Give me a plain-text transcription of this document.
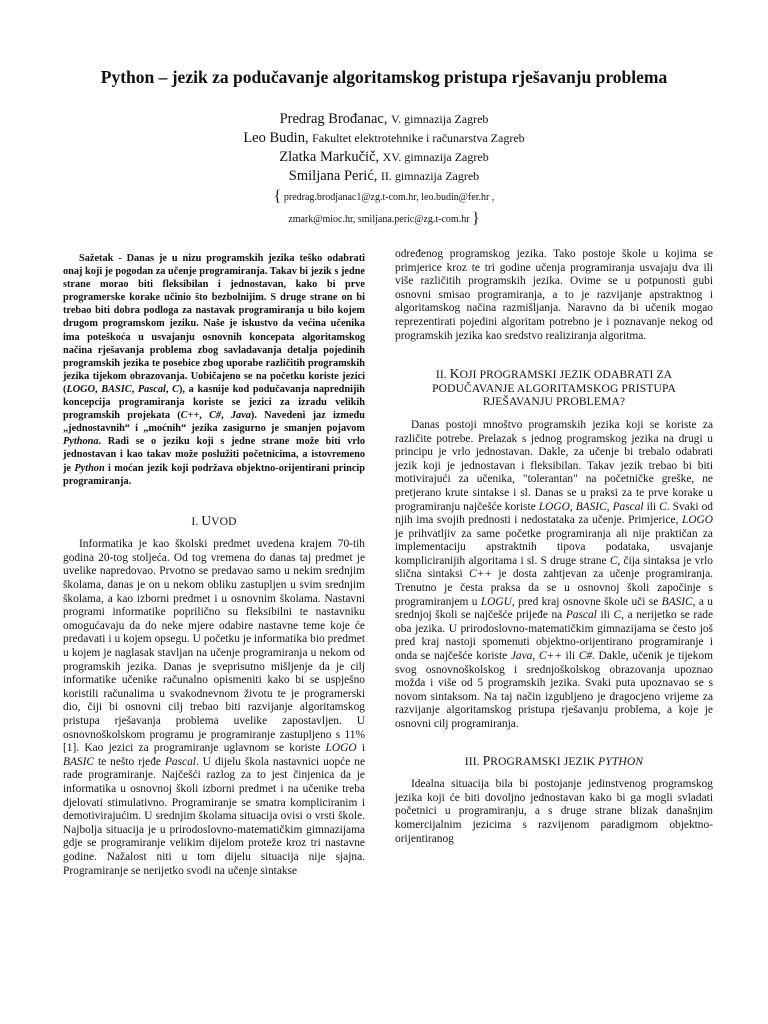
Python – jezik za podučavanje algoritamskog pristupa rješavanju problema
Predrag Brođanac, V. gimnazija Zagreb
Leo Budin, Fakultet elektrotehnike i računarstva Zagreb
Zlatka Markučič, XV. gimnazija Zagreb
Smiljana Perić, II. gimnazija Zagreb
{ predrag.brodjanac1@zg.t-com.hr, leo.budin@fer.hr ,
zmark@mioc.hr, smiljana.peric@zg.t-com.hr }

Sažetak - Danas je u nizu programskih jezika teško odabrati onaj koji je pogodan za učenje programiranja. Takav bi jezik s jedne strane morao biti fleksibilan i jednostavan, kako bi prve programerske korake učinio što bezbolnijim. S druge strane on bi trebao biti dobra podloga za nastavak programiranja u bilo kojem drugom programskom jeziku. Naše je iskustvo da većina učenika ima poteškoća u usvajanju osnovnih koncepata algoritamskog načina rješavanja problema zbog savladavanja detalja pojedinih programskih jezika te posebice zbog uporabe različitih programskih jezika tijekom obrazovanja. Uobičajeno se na početku koriste jezici (LOGO, BASIC, Pascal, C), a kasnije kod podučavanja naprednijih koncepcija programiranja koriste se jezici za izradu velikih programskih projekata (C++, C#, Java). Navedeni jaz između „jednostavnih“ i „moćnih“ jezika zasigurno je smanjen pojavom Pythona. Radi se o jeziku koji s jedne strane može biti vrlo jednostavan i kao takav može poslužiti početnicima, a istovremeno je Python i moćan jezik koji podržava objektno-orijentirani princip programiranja.

I. UVOD

Informatika je kao školski predmet uvedena krajem 70-tih godina 20-tog stoljeća. Od tog vremena do danas taj predmet je uvelike napredovao. Prvotno se predavao samo u nekim srednjim školama, danas je on u nekom obliku zastupljen u svim srednjim školama, a kao izborni predmet i u osnovnim školama. Nastavni programi informatike poprilično su fleksibilni te nastavniku omogućavaju da do neke mjere odabire nastavne teme koje će predavati i u kojem opsegu. U početku je informatika bio predmet u kojem je naglasak stavljan na učenje programiranja u nekom od programskih jezika. Danas je sveprisutno mišljenje da je cilj informatike učenike računalno opismeniti kako bi se uspješno koristili računalima u svakodnevnom životu te je programerski dio, čiji bi osnovni cilj trebao biti razvijanje algoritamskog pristupa rješavanja problema uvelike zapostavljen. U osnovnoškolskom programu je programiranje zastupljeno s 11% [1]. Kao jezici za programiranje uglavnom se koriste LOGO i BASIC te nešto rjeđe Pascal. U dijelu škola nastavnici uopće ne rade programiranje. Najčešći razlog za to jest činjenica da je informatika u osnovnoj školi izborni predmet i na učenike treba djelovati stimulativno. Programiranje se smatra kompliciranim i demotivirajućim. U srednjim školama situacija ovisi o vrsti škole. Najbolja situacija je u prirodoslovno-matematičkim gimnazijama gdje se programiranje velikim dijelom proteže kroz tri nastavne godine. Nažalost niti u tom dijelu situacija nije sjajna. Programiranje se nerijetko svodi na učenje sintakse

određenog programskog jezika. Tako postoje škole u kojima se primjerice kroz te tri godine učenja programiranja usvajaju dva ili više različitih programskih jezika. Ovime se u potpunosti gubi osnovni smisao programiranja, a to je razvijanje apstraktnog i algoritamskog načina razmišljanja. Naravno da bi učenik mogao reprezentirati pojedini algoritam potrebno je i poznavanje nekog od programskih jezika kao sredstvo realiziranja algoritma.

II. KOJI PROGRAMSKI JEZIK ODABRATI ZA
PODUČAVANJE ALGORITAMSKOG PRISTUPA
RJEŠAVANJU PROBLEMA?

Danas postoji mnoštvo programskih jezika koji se koriste za različite potrebe. Prelazak s jednog programskog jezika na drugi u principu je vrlo jednostavan. Dakle, za učenje bi trebalo odabrati jezik koji je jednostavan i fleksibilan. Takav jezik trebao bi biti motivirajući za učenika, "tolerantan" na početničke greške, ne pretjerano krute sintakse i sl. Danas se u praksi za te prve korake u programiranju najčešće koriste LOGO, BASIC, Pascal ili C. Svaki od njih ima svojih prednosti i nedostataka za učenje. Primjerice, LOGO je prihvatljiv za same početke programiranja ali nije praktičan za implementaciju apstraktnih tipova podataka, usvajanje kompliciranijih algoritama i sl. S druge strane C, čija sintaksa je vrlo slična sintaksi C++ je dosta zahtjevan za učenje programiranja. Trenutno je česta praksa da se u osnovnoj školi započinje s programiranjem u LOGU, pred kraj osnovne škole uči se BASIC, a u srednjoj školi se najčešće prijeđe na Pascal ili C, a nerijetko se rade oba jezika. U prirodoslovno-matematičkim gimnazijama se često još pred kraj nastoji spomenuti objektno-orijentirano programiranje i onda se najčešće koriste Java, C++ ili C#. Dakle, učenik je tijekom svog osnovnoškolskog i srednjoškolskog obrazovanja upoznao možda i više od 5 programskih jezika. Svaki puta upoznavao se s novom sintaksom. Na taj način izgubljeno je dragocjeno vrijeme za razvijanje algoritamskog pristupa rješavanju problema, a koje je osnovni cilj programiranja.

III. PROGRAMSKI JEZIK PYTHON

Idealna situacija bila bi postojanje jedinstvenog programskog jezika koji će biti dovoljno jednostavan kako bi ga mogli svladati početnici u programiranju, a s druge strane blizak današnjim komercijalnim jezicima s razvijenom paradigmom objektno-orijentiranog
